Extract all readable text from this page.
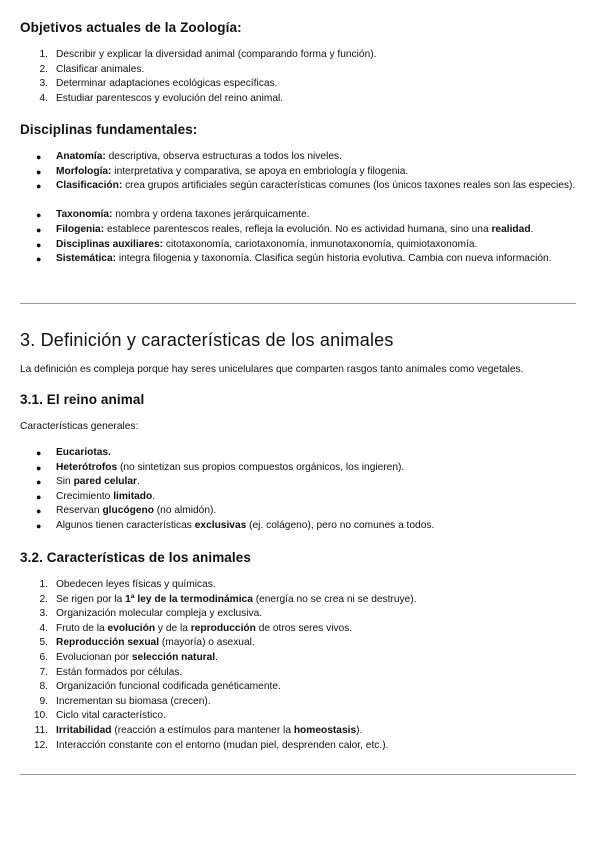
Objetivos actuales de la Zoología:
1. Describir y explicar la diversidad animal (comparando forma y función).
2. Clasificar animales.
3. Determinar adaptaciones ecológicas específicas.
4. Estudiar parentescos y evolución del reino animal.
Disciplinas fundamentales:
● Anatomía: descriptiva, observa estructuras a todos los niveles.
● Morfología: interpretativa y comparativa, se apoya en embriología y filogenia.
● Clasificación: crea grupos artificiales según características comunes (los únicos taxones reales son las especies).
● Taxonomía: nombra y ordena taxones jerárquicamente.
● Filogenia: establece parentescos reales, refleja la evolución. No es actividad humana, sino una realidad.
● Disciplinas auxiliares: citotaxonomía, cariotaxonomía, inmunotaxonomía, quimiotaxonomía.
● Sistemática: integra filogenia y taxonomía. Clasifica según historia evolutiva. Cambia con nueva información.
3. Definición y características de los animales

La definición es compleja porque hay seres unicelulares que comparten rasgos tanto animales como vegetales.

3.1. El reino animal

Características generales:

● Eucariotas.
● Heterótrofos (no sintetizan sus propios compuestos orgánicos, los ingieren).
● Sin pared celular.
● Crecimiento limitado.
● Reservan glucógeno (no almidón).
● Algunos tienen características exclusivas (ej. colágeno), pero no comunes a todos.
3.2. Características de los animales
1. Obedecen leyes físicas y químicas.
2. Se rigen por la 1ª ley de la termodinámica (energía no se crea ni se destruye).
3. Organización molecular compleja y exclusiva.
4. Fruto de la evolución y de la reproducción de otros seres vivos.
5. Reproducción sexual (mayoría) o asexual.
6. Evolucionan por selección natural.
7. Están formados por células.
8. Organización funcional codificada genéticamente.
9. Incrementan su biomasa (crecen).
10. Ciclo vital característico.
11. Irritabilidad (reacción a estímulos para mantener la homeostasis).
12. Interacción constante con el entorno (mudan piel, desprenden calor, etc.).
